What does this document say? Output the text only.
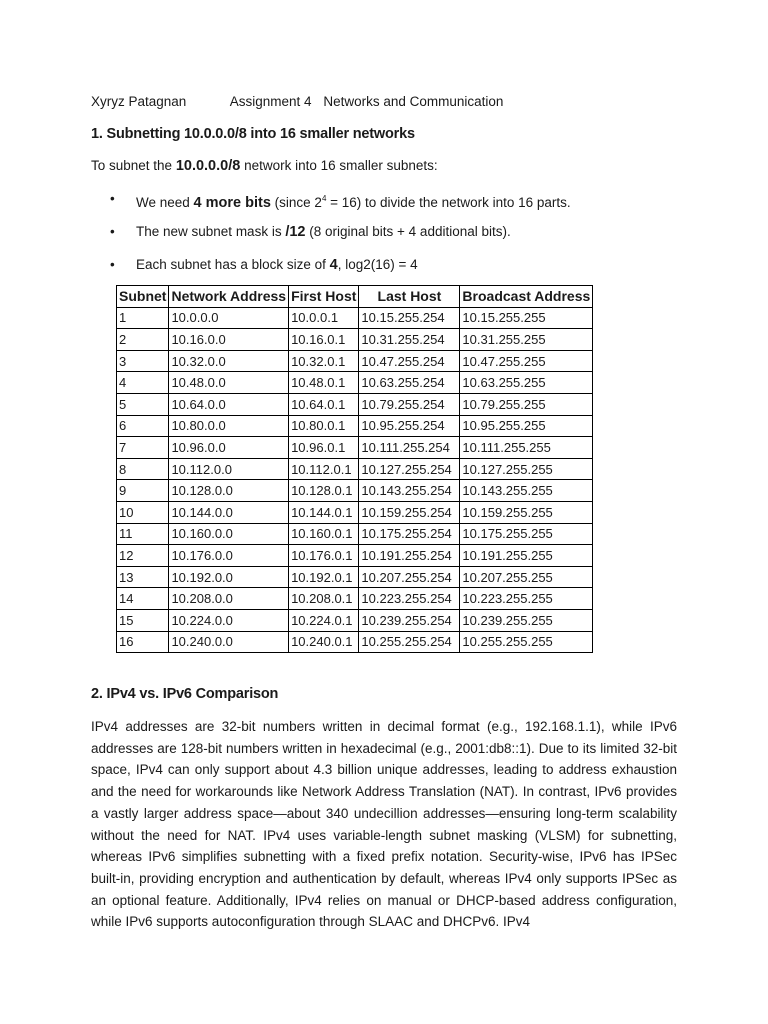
Xyryz Patagnan	Assignment 4 Networks and Communication
1. Subnetting 10.0.0.0/8 into 16 smaller networks
To subnet the 10.0.0.0/8 network into 16 smaller subnets:
• We need 4 more bits (since $2^4 = 16$) to divide the network into 16 parts.
• The new subnet mask is /12 (8 original bits + 4 additional bits).
• Each subnet has a block size of 4, log2(16) = 4
Subnet	Network Address	First Host	Last Host	Broadcast Address
1	10.0.0.0	10.0.0.1	10.15.255.254	10.15.255.255
2	10.16.0.0	10.16.0.1	10.31.255.254	10.31.255.255
3	10.32.0.0	10.32.0.1	10.47.255.254	10.47.255.255
4	10.48.0.0	10.48.0.1	10.63.255.254	10.63.255.255
5	10.64.0.0	10.64.0.1	10.79.255.254	10.79.255.255
6	10.80.0.0	10.80.0.1	10.95.255.254	10.95.255.255
7	10.96.0.0	10.96.0.1	10.111.255.254	10.111.255.255
8	10.112.0.0	10.112.0.1	10.127.255.254	10.127.255.255
9	10.128.0.0	10.128.0.1	10.143.255.254	10.143.255.255
10	10.144.0.0	10.144.0.1	10.159.255.254	10.159.255.255
11	10.160.0.0	10.160.0.1	10.175.255.254	10.175.255.255
12	10.176.0.0	10.176.0.1	10.191.255.254	10.191.255.255
13	10.192.0.0	10.192.0.1	10.207.255.254	10.207.255.255
14	10.208.0.0	10.208.0.1	10.223.255.254	10.223.255.255
15	10.224.0.0	10.224.0.1	10.239.255.254	10.239.255.255
16	10.240.0.0	10.240.0.1	10.255.255.254	10.255.255.255
2. IPv4 vs. IPv6 Comparison

IPv4 addresses are 32-bit numbers written in decimal format (e.g., 192.168.1.1), while IPv6 addresses are 128-bit numbers written in hexadecimal (e.g., 2001:db8::1). Due to its limited 32-bit space, IPv4 can only support about 4.3 billion unique addresses, leading to address exhaustion and the need for workarounds like Network Address Translation (NAT). In contrast, IPv6 provides a vastly larger address space—about 340 undecillion addresses—ensuring long-term scalability without the need for NAT. IPv4 uses variable-length subnet masking (VLSM) for subnetting, whereas IPv6 simplifies subnetting with a fixed prefix notation. Security-wise, IPv6 has IPSec built-in, providing encryption and authentication by default, whereas IPv4 only supports IPSec as an optional feature. Additionally, IPv4 relies on manual or DHCP-based address configuration, while IPv6 supports autoconfiguration through SLAAC and DHCPv6. IPv4
